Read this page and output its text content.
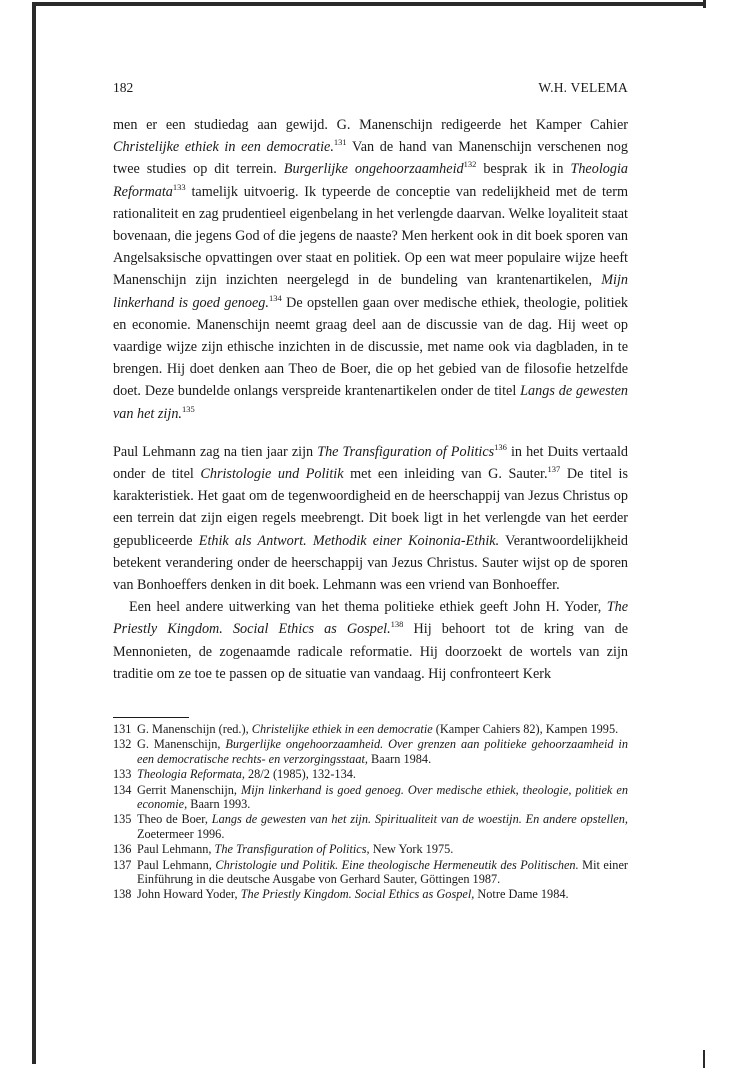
182	W.H. VELEMA

men er een studiedag aan gewijd. G. Manenschijn redigeerde het Kamper Cahier Christelijke ethiek in een democratie.$^{131}$ Van de hand van Manenschijn verschenen nog twee studies op dit terrein. Burgerlijke ongehoorzaamheid$^{132}$ besprak ik in Theologia Reformata$^{133}$ tamelijk uitvoerig. Ik typeerde de conceptie van redelijkheid met de term rationaliteit en zag prudentieel eigenbelang in het verlengde daarvan. Welke loyaliteit staat bovenaan, die jegens God of die jegens de naaste? Men herkent ook in dit boek sporen van Angelsaksische opvattingen over staat en politiek. Op een wat meer populaire wijze heeft Manenschijn zijn inzichten neergelegd in de bundeling van krantenartikelen, Mijn linkerhand is goed genoeg.$^{134}$ De opstellen gaan over medische ethiek, theologie, politiek en economie. Manenschijn neemt graag deel aan de discussie van de dag. Hij weet op vaardige wijze zijn ethische inzichten in de discussie, met name ook via dagbladen, in te brengen. Hij doet denken aan Theo de Boer, die op het gebied van de filosofie hetzelfde doet. Deze bundelde onlangs verspreide krantenartikelen onder de titel Langs de gewesten van het zijn.$^{135}$

Paul Lehmann zag na tien jaar zijn The Transfiguration of Politics$^{136}$ in het Duits vertaald onder de titel Christologie und Politik met een inleiding van G. Sauter.$^{137}$ De titel is karakteristiek. Het gaat om de tegenwoordigheid en de heerschappij van Jezus Christus op een terrein dat zijn eigen regels meebrengt. Dit boek ligt in het verlengde van het eerder gepubliceerde Ethik als Antwort. Methodik einer Koinonia-Ethik. Verantwoordelijkheid betekent verandering onder de heerschappij van Jezus Christus. Sauter wijst op de sporen van Bonhoeffers denken in dit boek. Lehmann was een vriend van Bonhoeffer.

Een heel andere uitwerking van het thema politieke ethiek geeft John H. Yoder, The Priestly Kingdom. Social Ethics as Gospel.$^{138}$ Hij behoort tot de kring van de Mennonieten, de zogenaamde radicale reformatie. Hij doorzoekt de wortels van zijn traditie om ze toe te passen op de situatie van vandaag. Hij confronteert Kerk

131 G. Manenschijn (red.), Christelijke ethiek in een democratie (Kamper Cahiers 82), Kampen 1995.
132 G. Manenschijn, Burgerlijke ongehoorzaamheid. Over grenzen aan politieke gehoorzaamheid in een democratische rechts- en verzorgingsstaat, Baarn 1984.
133 Theologia Reformata, 28/2 (1985), 132-134.
134 Gerrit Manenschijn, Mijn linkerhand is goed genoeg. Over medische ethiek, theologie, politiek en economie, Baarn 1993.
135 Theo de Boer, Langs de gewesten van het zijn. Spiritualiteit van de woestijn. En andere opstellen, Zoetermeer 1996.
136 Paul Lehmann, The Transfiguration of Politics, New York 1975.
137 Paul Lehmann, Christologie und Politik. Eine theologische Hermeneutik des Politischen. Mit einer Einführung in die deutsche Ausgabe von Gerhard Sauter, Göttingen 1987.
138 John Howard Yoder, The Priestly Kingdom. Social Ethics as Gospel, Notre Dame 1984.
